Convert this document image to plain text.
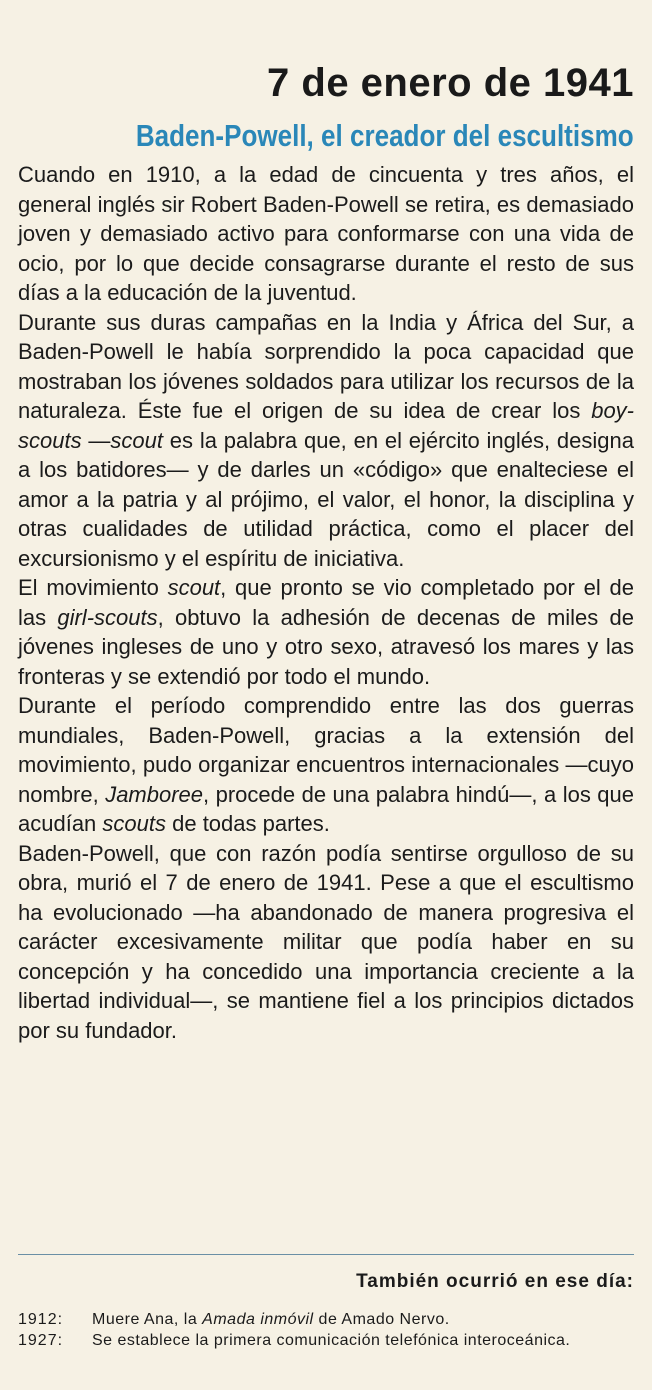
7 de enero de 1941
Baden-Powell, el creador del escultismo

Cuando en 1910, a la edad de cincuenta y tres años, el general inglés sir Robert Baden-Powell se retira, es demasiado joven y demasiado activo para conformarse con una vida de ocio, por lo que decide consagrarse durante el resto de sus días a la educación de la juventud.

Durante sus duras campañas en la India y África del Sur, a Baden-Powell le había sorprendido la poca capacidad que mostraban los jóvenes soldados para utilizar los recursos de la naturaleza. Éste fue el origen de su idea de crear los boy-scouts —scout es la palabra que, en el ejército inglés, designa a los batidores— y de darles un «código» que enalteciese el amor a la patria y al prójimo, el valor, el honor, la disciplina y otras cualidades de utilidad práctica, como el placer del excursionismo y el espíritu de iniciativa.

El movimiento scout, que pronto se vio completado por el de las girl-scouts, obtuvo la adhesión de decenas de miles de jóvenes ingleses de uno y otro sexo, atravesó los mares y las fronteras y se extendió por todo el mundo.

Durante el período comprendido entre las dos guerras mundiales, Baden-Powell, gracias a la extensión del movimiento, pudo organizar encuentros internacionales —cuyo nombre, Jamboree, procede de una palabra hindú—, a los que acudían scouts de todas partes.

Baden-Powell, que con razón podía sentirse orgulloso de su obra, murió el 7 de enero de 1941. Pese a que el escultismo ha evolucionado —ha abandonado de manera progresiva el carácter excesivamente militar que podía haber en su concepción y ha concedido una importancia creciente a la libertad individual—, se mantiene fiel a los principios dictados por su fundador.

También ocurrió en ese día:
1912:	Muere Ana, la Amada inmóvil de Amado Nervo.
1927:	Se establece la primera comunicación telefónica interoceánica.
